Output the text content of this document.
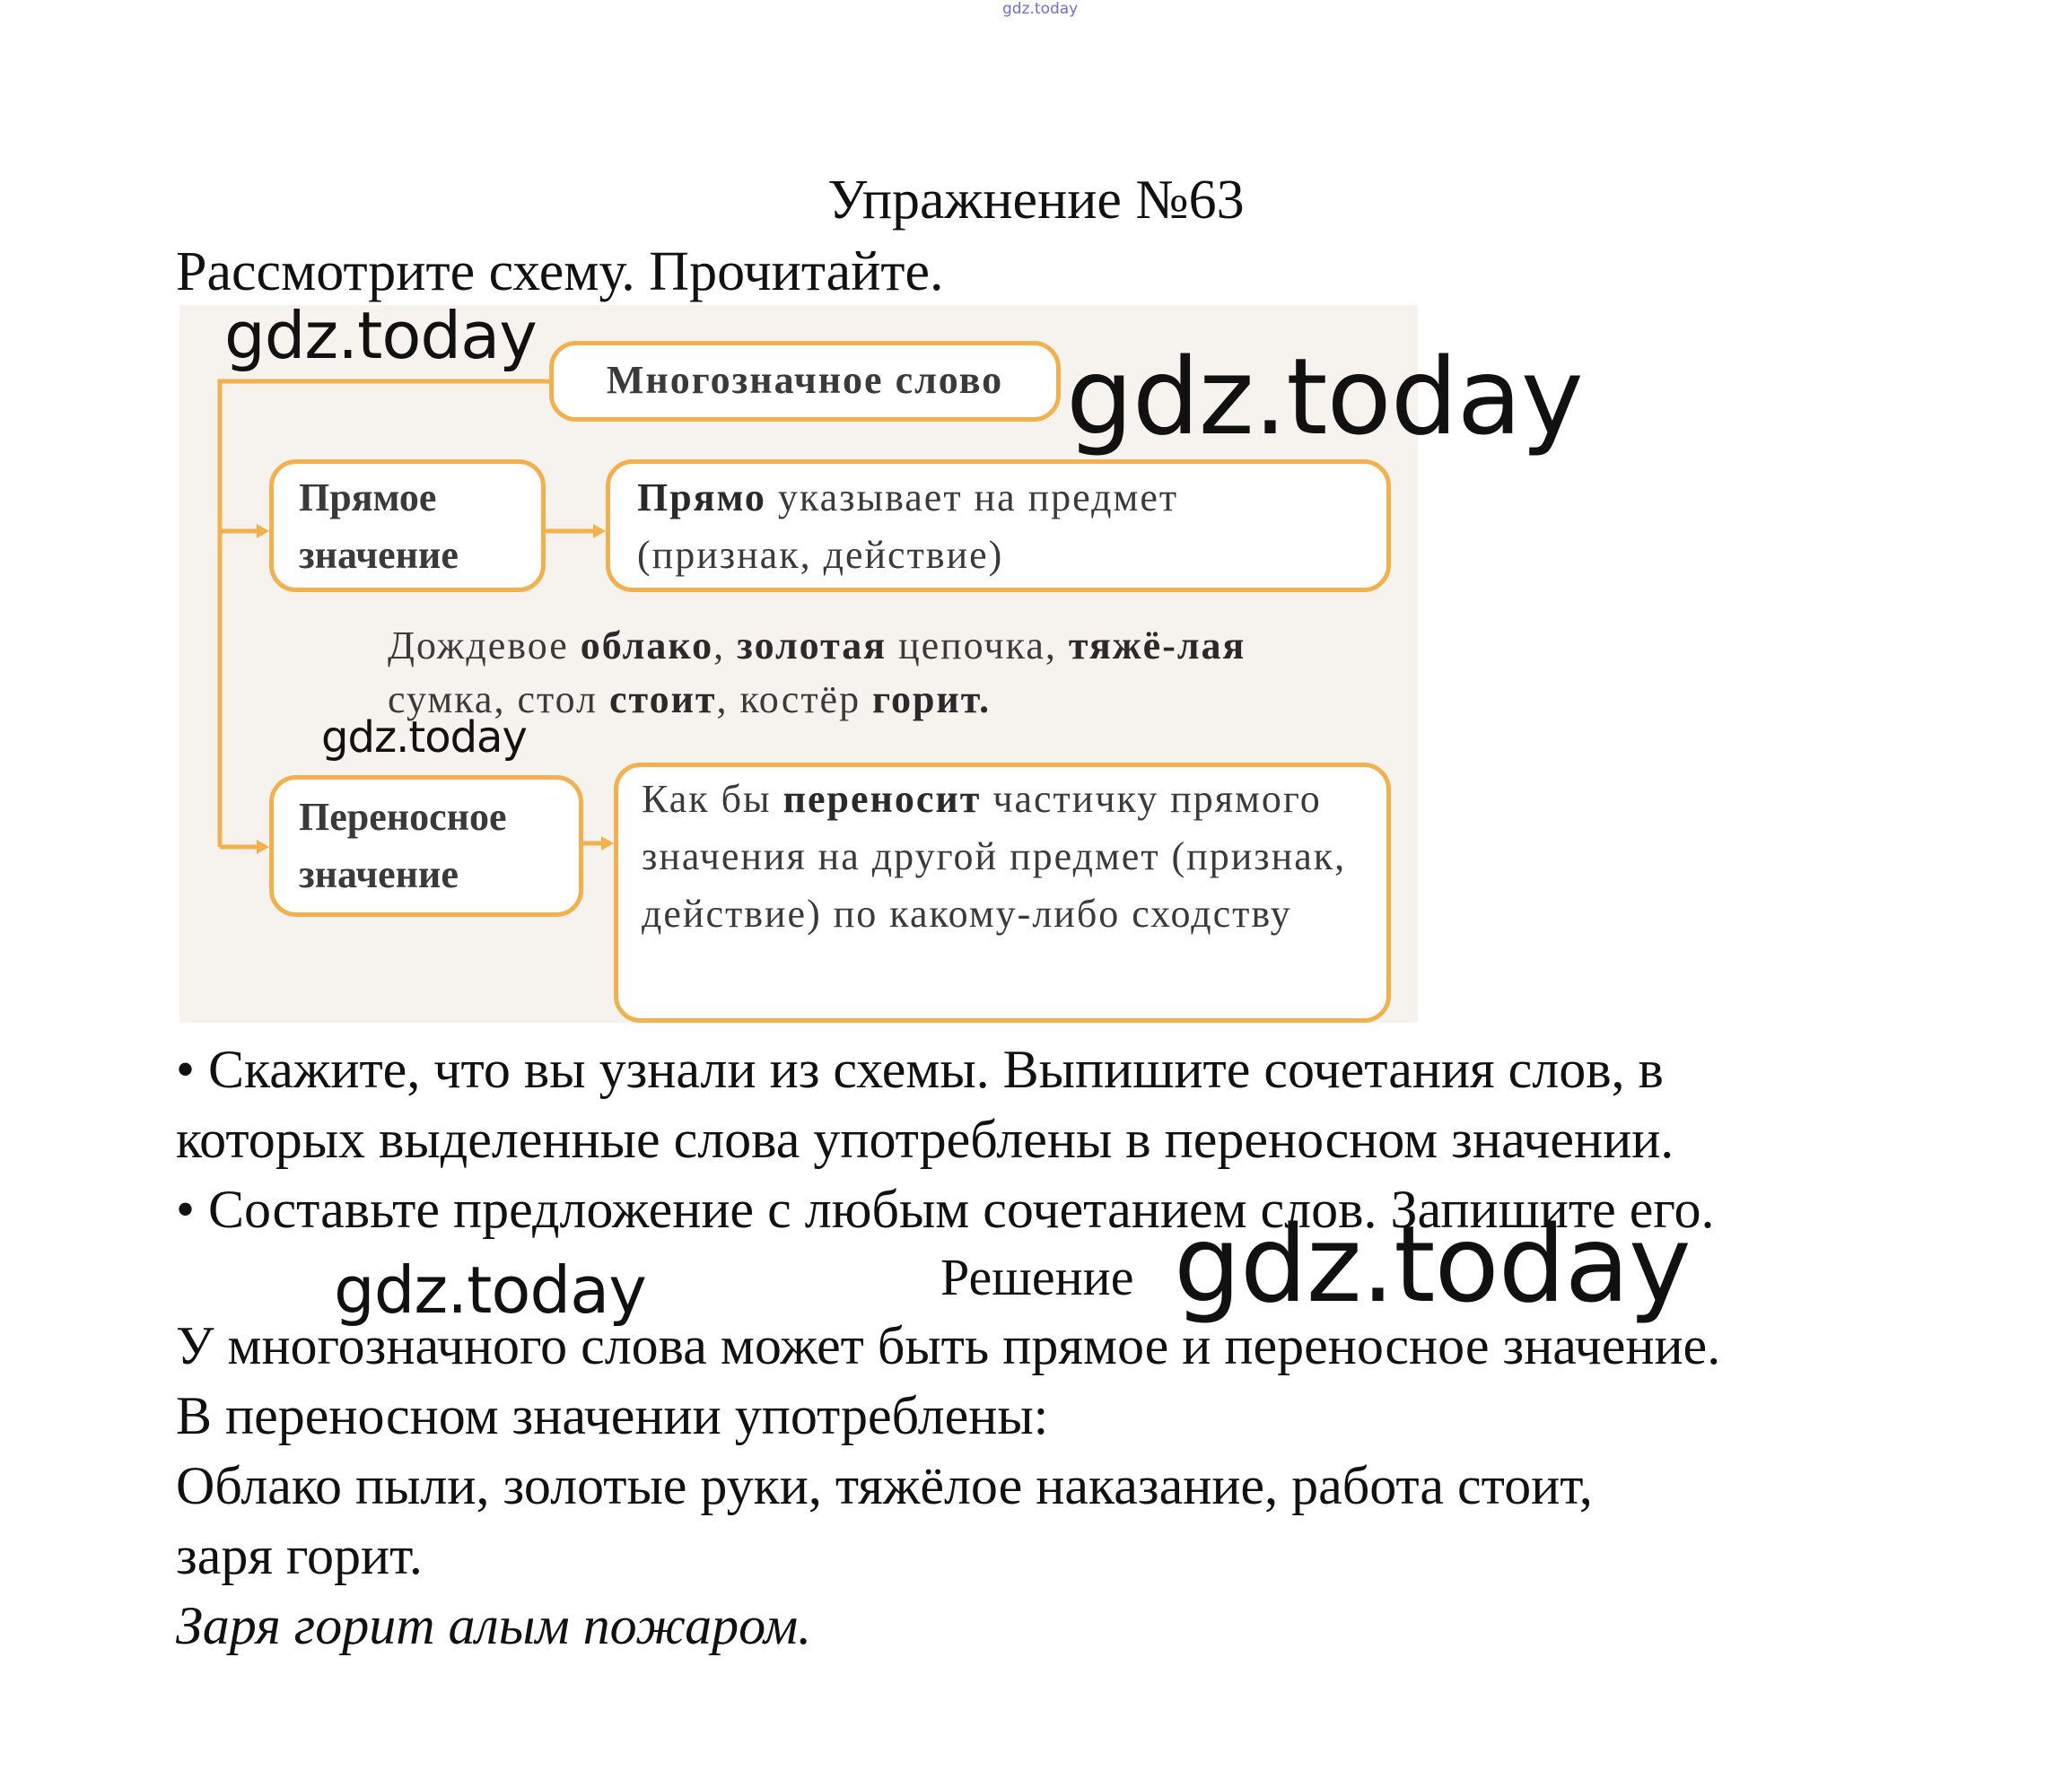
gdz.today
Упражнение №63
Рассмотрите схему. Прочитайте.
Многозначное слово
Прямое
значение
Прямо указывает на предмет
(признак, действие)
Дождевое облако, золотая цепочка, тяжё-лая сумка, стол стоит, костёр горит.
Переносное
значение
Как бы переносит частичку прямого значения на другой предмет (признак, действие) по какому-либо сходству
gdz.today	gdz.today
gdz.today
• Скажите, что вы узнали из схемы. Выпишите сочетания слов, в
которых выделенные слова употреблены в переносном значении.
• Составьте предложение с любым сочетанием слов. Запишите его.
Решение gdz.today
gdz.today
У многозначного слова может быть прямое и переносное значение.
В переносном значении употреблены:
Облако пыли, золотые руки, тяжёлое наказание, работа стоит,
заря горит.
Заря горит алым пожаром.
